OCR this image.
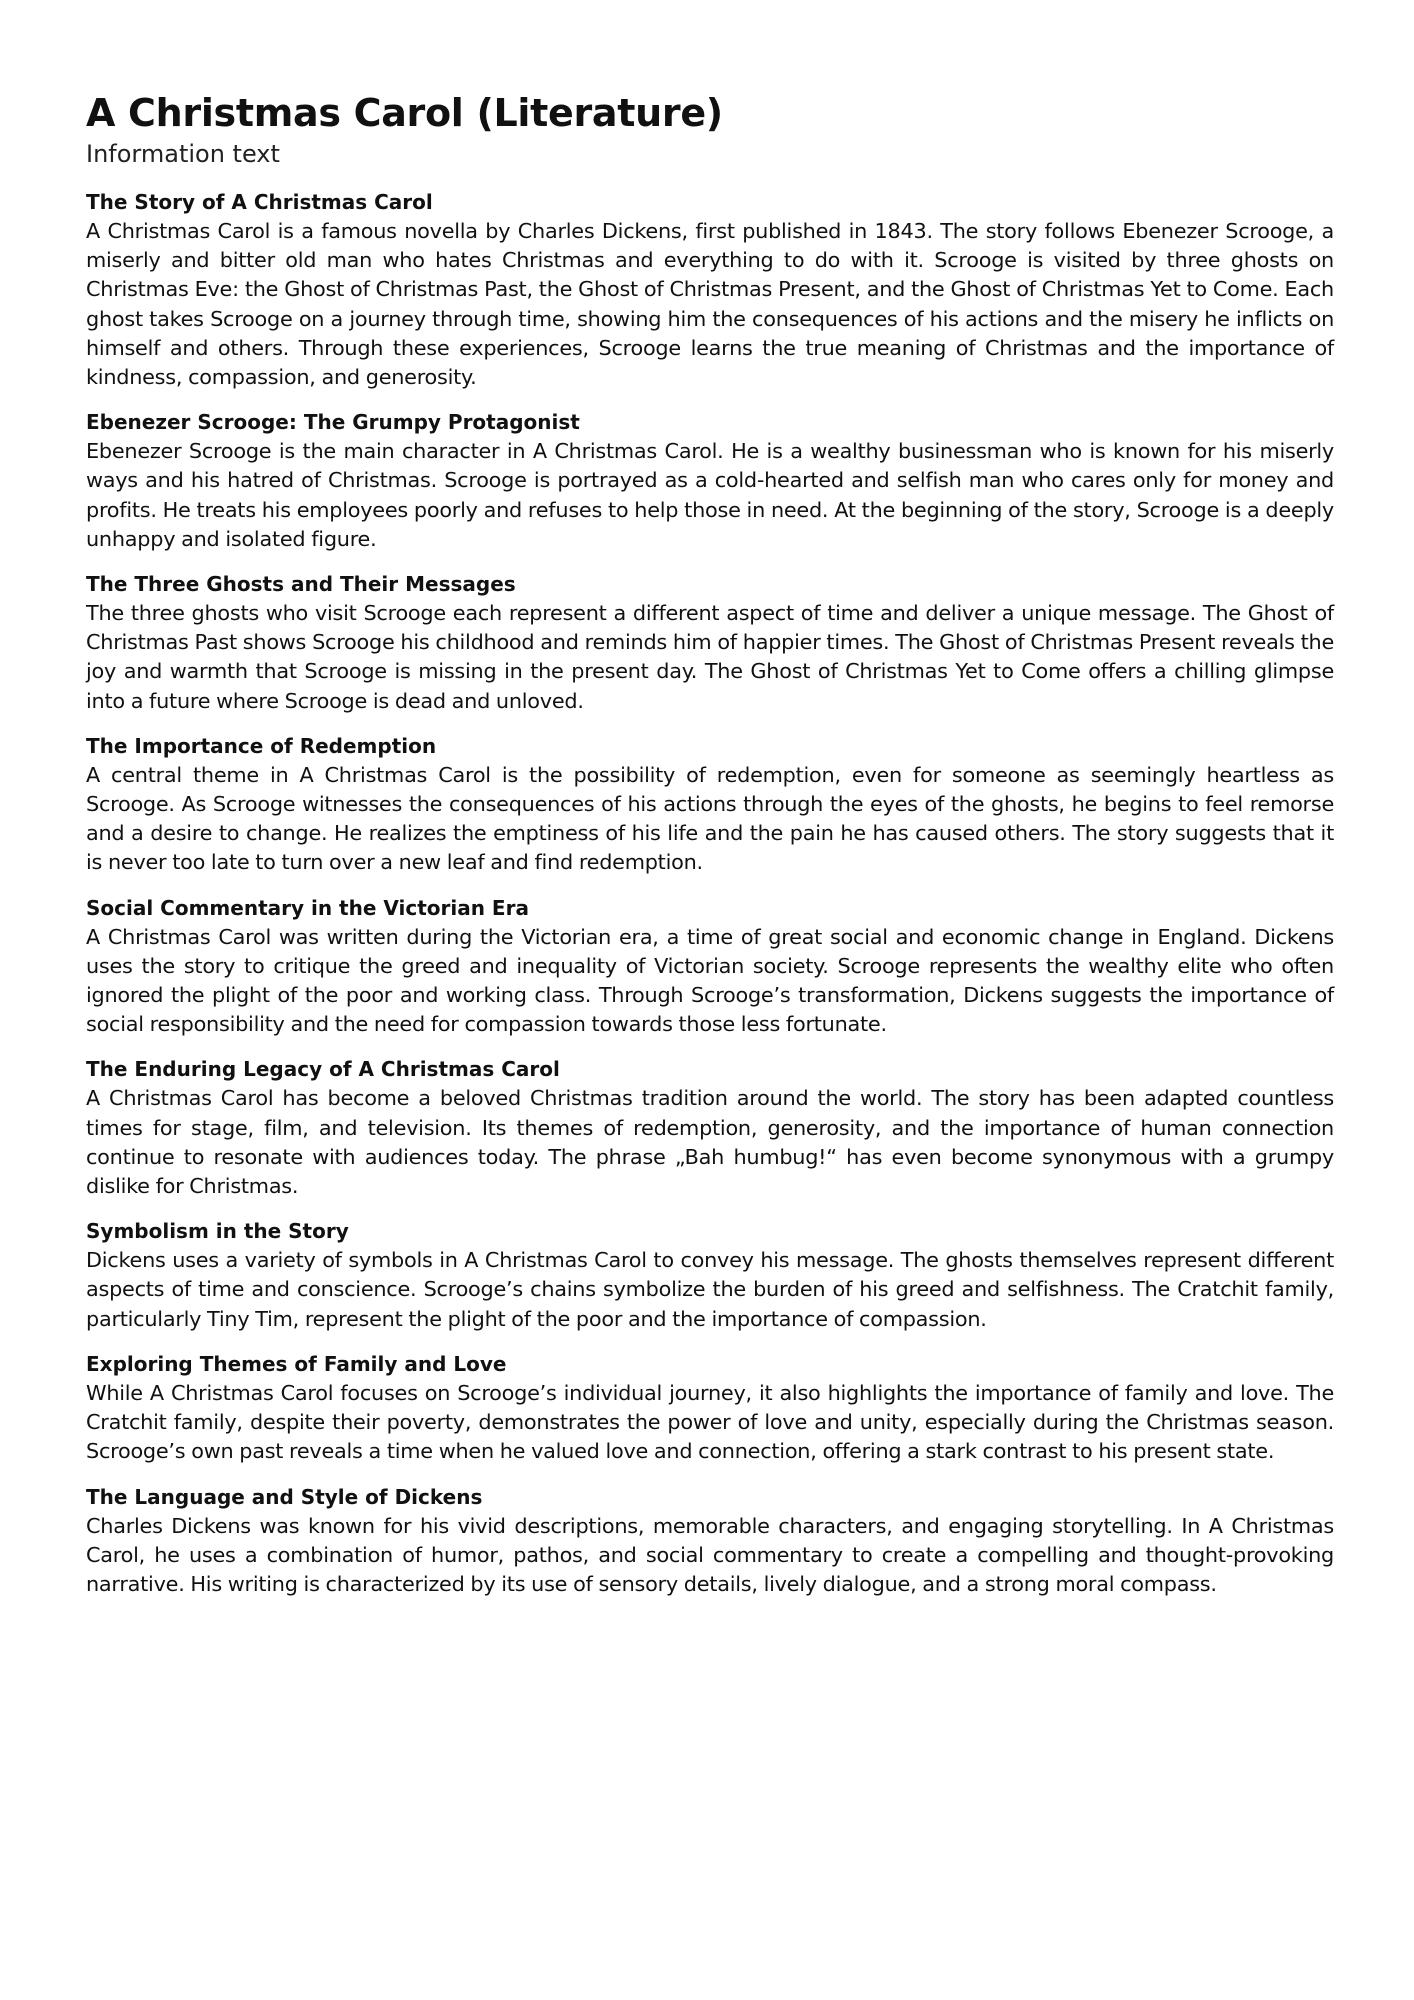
A Christmas Carol (Literature)

Information text

The Story of A Christmas Carol

A Christmas Carol is a famous novella by Charles Dickens, first published in 1843. The story follows Ebenezer Scrooge, a miserly and bitter old man who hates Christmas and everything to do with it. Scrooge is visited by three ghosts on Christmas Eve: the Ghost of Christmas Past, the Ghost of Christmas Present, and the Ghost of Christmas Yet to Come. Each ghost takes Scrooge on a journey through time, showing him the consequences of his actions and the misery he inflicts on himself and others. Through these experiences, Scrooge learns the true meaning of Christmas and the importance of kindness, compassion, and generosity.

Ebenezer Scrooge: The Grumpy Protagonist

Ebenezer Scrooge is the main character in A Christmas Carol. He is a wealthy businessman who is known for his miserly ways and his hatred of Christmas. Scrooge is portrayed as a cold-hearted and selfish man who cares only for money and profits. He treats his employees poorly and refuses to help those in need. At the beginning of the story, Scrooge is a deeply unhappy and isolated figure.

The Three Ghosts and Their Messages

The three ghosts who visit Scrooge each represent a different aspect of time and deliver a unique message. The Ghost of Christmas Past shows Scrooge his childhood and reminds him of happier times. The Ghost of Christmas Present reveals the joy and warmth that Scrooge is missing in the present day. The Ghost of Christmas Yet to Come offers a chilling glimpse into a future where Scrooge is dead and unloved.

The Importance of Redemption

A central theme in A Christmas Carol is the possibility of redemption, even for someone as seemingly heartless as Scrooge. As Scrooge witnesses the consequences of his actions through the eyes of the ghosts, he begins to feel remorse and a desire to change. He realizes the emptiness of his life and the pain he has caused others. The story suggests that it is never too late to turn over a new leaf and find redemption.

Social Commentary in the Victorian Era

A Christmas Carol was written during the Victorian era, a time of great social and economic change in England. Dickens uses the story to critique the greed and inequality of Victorian society. Scrooge represents the wealthy elite who often ignored the plight of the poor and working class. Through Scrooge’s transformation, Dickens suggests the importance of social responsibility and the need for compassion towards those less fortunate.

The Enduring Legacy of A Christmas Carol

A Christmas Carol has become a beloved Christmas tradition around the world. The story has been adapted countless times for stage, film, and television. Its themes of redemption, generosity, and the importance of human connection continue to resonate with audiences today. The phrase „Bah humbug!“ has even become synonymous with a grumpy dislike for Christmas.

Symbolism in the Story

Dickens uses a variety of symbols in A Christmas Carol to convey his message. The ghosts themselves represent different aspects of time and conscience. Scrooge’s chains symbolize the burden of his greed and selfishness. The Cratchit family, particularly Tiny Tim, represent the plight of the poor and the importance of compassion.

Exploring Themes of Family and Love

While A Christmas Carol focuses on Scrooge’s individual journey, it also highlights the importance of family and love. The Cratchit family, despite their poverty, demonstrates the power of love and unity, especially during the Christmas season. Scrooge’s own past reveals a time when he valued love and connection, offering a stark contrast to his present state.

The Language and Style of Dickens

Charles Dickens was known for his vivid descriptions, memorable characters, and engaging storytelling. In A Christmas Carol, he uses a combination of humor, pathos, and social commentary to create a compelling and thought-provoking narrative. His writing is characterized by its use of sensory details, lively dialogue, and a strong moral compass.
